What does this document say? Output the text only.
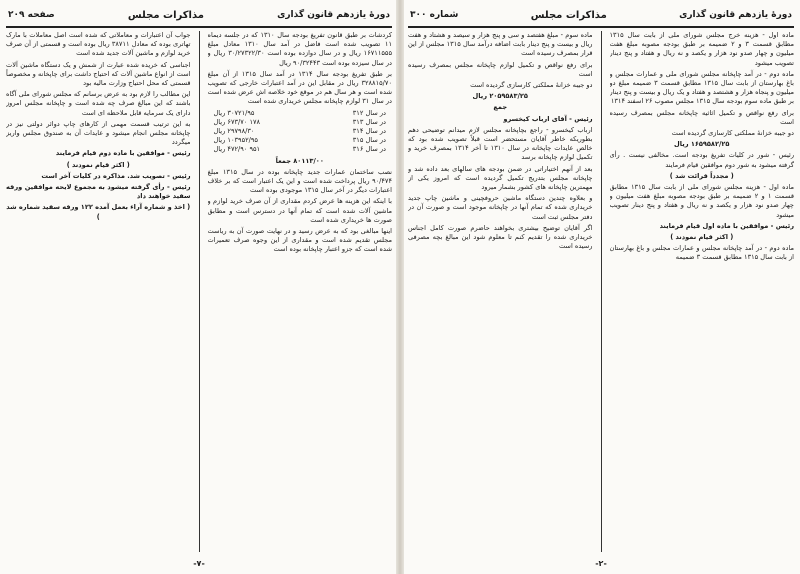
دورهٔ یازدهم قانون گذاری
مذاکرات مجلس
صفحه ۲۰۹

کردشات بر طبق قانون تفریغ بودجه سال ۱۳۱۰ که در جلسه دیماه ۱۱ تصویب شده است فاضل در آمد سال ۱۳۱۰ معادل مبلغ ۱۶۷۱۱۵۵۵ ریال و در سال دوازده بوده است ۳۰/۲۷۳۲۲/۳۰ ریال و در سال سیزده بوده است ۹۰/۳۲۴۴۳ ریال

بر طبق تفریغ بودجه سال ۱۳۱۴ در آمد سال ۱۳۱۵ از آن مبلغ ۳۲۸۸۱۵/۷۰ ریال در مقابل این در آمد اعتبارات خارجی که تصویب شده است و هر سال هم در موقع خود خلاصه اش عرض شده است در سال ۳۱ لوازم چاپخانه مجلس خریداری شده است

در سال ۳۱۲
۳۰۷۲۱/۹۵ ریال
در سال ۳۱۳
۱۷۸ ۶۷۳/۷۰ ریال
در سال ۳۱۴
۲۹۷۹۸/۳۰ ریال
در سال ۳۱۵
۱۰۳۹۵۲/۹۵ ریال
در سال ۳۱۶
۹۵۱ ۴۷۲/۹۰ ریال
۸۰۱۱۳/۰۰ جمعاً

نصب ساختمان عمارات جدید چاپخانه بوده در سال ۱۳۱۵ مبلغ ۹۰/۴۷۴ ریال پرداخت شده است و این یک اعتبار است که بر خلاف اعتبارات دیگر در آخر سال ۱۳۱۵ موجودی بوده است

با اینکه این هزینه ها عرض کردم مقداری از آن صرف خرید لوازم و ماشین آلات شده است که تمام آنها در دسترس است و مطابق صورت ها خریداری شده است

اینها مبالغی بود که به عرض رسید و در نهایت صورت آن به ریاست مجلس تقدیم شده است و مقداری از این وجوه صرف تعمیرات شده است که جزو اعتبار چاپخانه بوده است

جواب آن اعتبارات و معاملاتی که شده است اصل معاملات با مارک تهاتری بوده که معادل ۳۸۷۱۱ ریال بوده است و قسمتی از آن صرف خرید لوازم و ماشین آلات جدید شده است

اجناسی که خریده شده عبارت از شمش و یک دستگاه ماشین آلات است از انواع ماشین آلات که احتیاج داشت برای چاپخانه و مخصوصاً قسمتی که محل احتیاج وزارت مالیه بود

این مطالب را لازم بود به عرض برسانم که مجلس شورای ملی آگاه باشند که این مبالغ صرف چه شده است و چاپخانه مجلس امروز دارای یک سرمایه قابل ملاحظه ای است

به این ترتیب قسمت مهمی از کارهای چاپ دوائر دولتی نیز در چاپخانه مجلس انجام میشود و عایدات آن به صندوق مجلس واریز میگردد

رئیس - موافقین با ماده دوم قیام فرمایند

( اکثر قیام نمودند )

رئیس - تصویب شد. مذاکره در کلیات آخر است

رئیس - رأی گرفته میشود به مجموع لایحه موافقین ورقه سفید خواهند داد

( اخذ و شماره آراء بعمل آمده ۱۲۲ ورقه سفید شماره شد )

-۷-
دورهٔ یازدهم قانون گذاری
مذاکرات مجلس
شماره ۳۰۰

ماده اول - هزینه خرج مجلس شورای ملی از بابت سال ۱۳۱۵ مطابق قسمت ۳ و ۲ ضمیمه بر طبق بودجه مصوبه مبلغ هفت میلیون و چهار صدو نود هزار و یکصد و نه ریال و هفتاد و پنج دینار تصویب میشود

ماده دوم - در آمد چاپخانه مجلس شورای ملی و عمارات مجلس و باغ بهارستان از بابت سال ۱۳۱۵ مطابق قسمت ۳ ضمیمه مبلغ دو میلیون و پنجاه هزار و هشتصد و هفتاد و یک ریال و بیست و پنج دینار بر طبق ماده سوم بودجه سال ۱۳۱۵ مجلس مصوب ۲۶ اسفند ۱۳۱۴

برای رفع نواقص و تکمیل اثاثیه چاپخانه مجلس بمصرف رسیده است

دو جیبه خزانهٔ مملکتی کارسازی گردیده است

۱۶۵۹۵۸۲/۲۵ ریال

رئیس - شور در کلیات تفریغ بودجه است. مخالفی نیست . رأی گرفته میشود به شور دوم موافقین قیام فرمایند

( مجدداً قرائت شد )

ماده اول - هزینه مجلس شورای ملی از بابت سال ۱۳۱۵ مطابق قسمت ۱ و ۲ ضمیمه بر طبق بودجه مصوبه مبلغ هفت میلیون و چهار صدو نود هزار و یکصد و نه ریال و هفتاد و پنج دینار تصویب میشود

رئیس - موافقین با ماده اول قیام فرمایند

( اکثر قیام نمودند )

ماده دوم - در آمد چاپخانه مجلس و عمارات مجلس و باغ بهارستان از بابت سال ۱۳۱۵ مطابق قسمت ۳ ضمیمه

ماده سوم - مبلغ هفتصد و سی و پنج هزار و سیصد و هشتاد و هفت ریال و بیست و پنج دینار بابت اضافه درآمد سال ۱۳۱۵ مجلس از این قرار بمصرف رسیده است

برای رفع نواقص و تکمیل لوازم چاپخانه مجلس بمصرف رسیده است

دو جیبه خزانهٔ مملکتی کارسازی گردیده است

۲۰۵۹۵۸۳/۲۵ ریال

جمع

رئیس - آقای ارباب کیخسرو

ارباب کیخسرو - راجع بچاپخانه مجلس لازم میدانم توضیحی دهم بطوریکه خاطر آقایان مستحضر است قبلاً تصویب شده بود که خالص عایدات چاپخانه در سال ۱۳۱۰ تا آخر ۱۳۱۴ بمصرف خرید و تکمیل لوازم چاپخانه برسد

بعد از آنهم اختیاراتی در ضمن بودجه های سالهای بعد داده شد و چاپخانه مجلس بتدریج تکمیل گردیده است که امروز یکی از مهمترین چاپخانه های کشور بشمار میرود

و بعلاوه چندین دستگاه ماشین حروفچینی و ماشین چاپ جدید خریداری شده که تمام آنها در چاپخانه موجود است و صورت آن در دفتر مجلس ثبت است

اگر آقایان توضیح بیشتری بخواهند حاضرم صورت کامل اجناس خریداری شده را تقدیم کنم تا معلوم شود این مبالغ بچه مصرفی رسیده است

-۲-
